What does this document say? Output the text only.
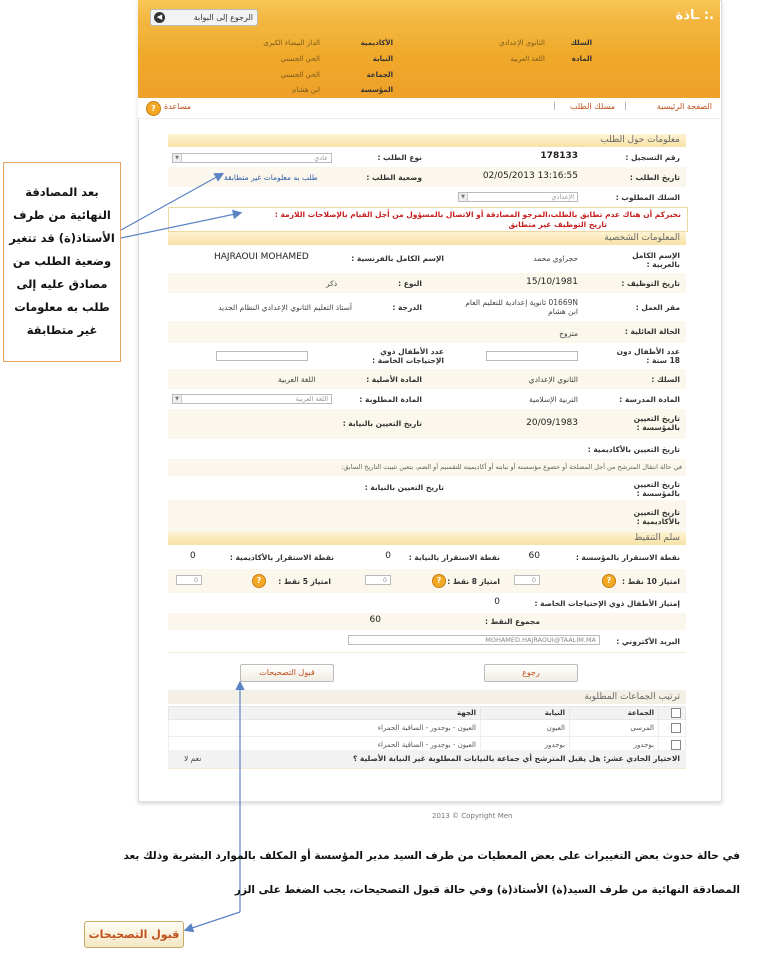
◀	الرجوع إلى البوابة	ـاذة :.
السلك
الثانوي الإعدادي
المادة
اللغة العربية
الأكاديمية
الدار البيضاء الكبرى
النيابة
الحي الحسني
الجماعة
الحي الحسني
المؤسسة
ابن هشام
الصفحة الرئيسية
|
مسلك الطلب
|
?	مساعدة
معلومات حول الطلب
رقم التسجيل :
178133
نوع الطلب :
▼	عادي
تاريخ الطلب :
13:16:55 02/05/2013
وضعية الطلب :
طلب به معلومات غير متطابقة
السلك المطلوب :
▼	الإعدادي
نخبركم أن هناك عدم تطابق بالطلب،المرجو المصادقة أو الاتصال بالمسؤول من أجل القيام بالإصلاحات اللازمة :
تاريخ التوظيف غير متطابق
المعلومات الشخصية
الإسم الكامل بالعربية :
حجراوي محمد
الإسم الكامل بالفرنسية :
HAJRAOUI MOHAMED
تاريخ التوظيف :
15/10/1981
النوع :
ذكر
مقر العمل :
01669N ثانوية إعدادية للتعليم العام ابن هشام
الدرجة :
أستاذ التعليم الثانوي الإعدادي النظام الجديد
الحالة العائلية :
متزوج
عدد الأطفال دون 18 سنة :
عدد الأطفال ذوي الإحتياجات الخاصة :
السلك :
الثانوي الإعدادي
المادة الأصلية :
اللغة العربية
المادة المدرسة :
التربية الإسلامية
المادة المطلوبة :
▼	اللغة العربية
تاريخ التعيين بالمؤسسة :
20/09/1983
تاريخ التعيين بالنيابة :
تاريخ التعيين بالأكاديمية :
في حالة انتقال المترشح من أجل المصلحة أو خضوع مؤسسته أو نيابته أو أكاديميته للتقسيم أو الضم، يتعين تثبيت التاريخ السابق:
تاريخ التعيين بالمؤسسة :
تاريخ التعيين بالنيابة :
تاريخ التعيين بالأكاديمية :
سلم التنقيط
نقطة الاستقرار بالمؤسسة :
60
نقطة الاستقرار بالنيابة :
0
نقطة الاستقرار بالأكاديمية :
0
امتياز 10 نقط :
?
0
امتياز 8 نقط :
?
0
امتياز 5 نقط :
?
0
إمتياز الأطفال ذوي الإحتياجات الخاصة :
0
مجموع النقط :
60
البريد الأكتروني :
MOHAMED.HAJRAOUI@TAALIM.MA
رجوع
قبول التصحيحات
ترتيب الجماعات المطلوبة
	الجماعة	النيابة	الجهة
	المرسى	العيون	العيون - بوجدور - الساقية الحمراء
	بوجدور	بوجدور	العيون - بوجدور - الساقية الحمراء
الاختيار الحادي عشر: هل يقبل المترشح أي جماعة بالنيابات المطلوبة غير النيابة الأصلية ؟
نعم لا
2013 © Copyright Men
بعد المصادقة النهائية من طرف الأستاذ(ة) قد تتغير وضعية الطلب من مصادق عليه إلى طلب به معلومات غير متطابقة
في حالة حدوث بعض التغييرات على بعض المعطيات من طرف السيد مدير المؤسسة أو المكلف بالموارد البشرية وذلك بعد
المصادقة النهائية من طرف السيد(ة) الأستاذ(ة) وفي حالة قبول التصحيحات، يجب الضغط على الزر
قبول التصحيحات
